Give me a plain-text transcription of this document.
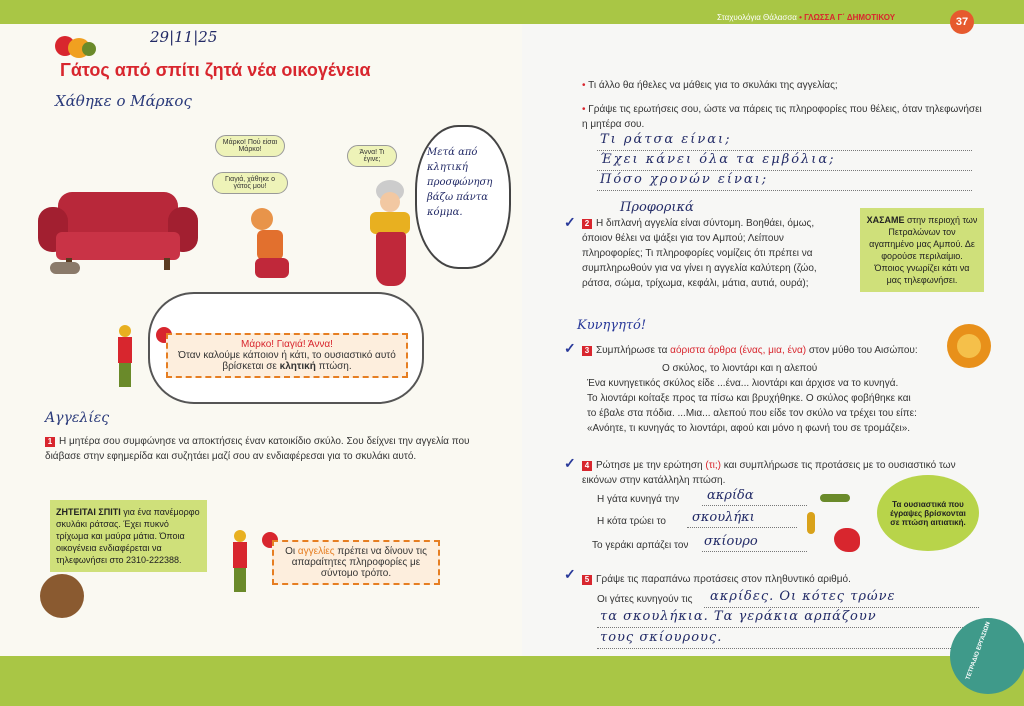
29|11|25
Γάτος από σπίτι ζητά νέα οικογένεια
Χάθηκε ο Μάρκος
Μάρκο! Πού είσαι Μάρκο!
Γιαγιά, χάθηκε ο γάτος μου!
Άννα! Τι έγινε;
Μετά από κλητική προσφώνηση βάζω πάντα κόμμα.
Μάρκο! Γιαγιά! Άννα!
Όταν καλούμε κάποιον ή κάτι, το ουσιαστικό αυτό βρίσκεται σε κλητική πτώση.
Αγγελίες
1 Η μητέρα σου συμφώνησε να αποκτήσεις έναν κατοικίδιο σκύλο. Σου δείχνει την αγγελία που διάβασε στην εφημερίδα και συζητάει μαζί σου αν ενδιαφέρεσαι για το σκυλάκι αυτό.
ΖΗΤΕΙΤΑΙ ΣΠΙΤΙ για ένα πανέμορφο σκυλάκι ράτσας. Έχει πυκνό τρίχωμα και μαύρα μάτια. Όποια οικογένεια ενδιαφέρεται να τηλεφωνήσει στο 2310-222388.
Οι αγγελίες πρέπει να δίνουν τις απαραίτητες πληροφορίες με σύντομο τρόπο.
Σταχυολόγια Θάλασσα • ΓΛΩΣΣΑ Γ΄ ΔΗΜΟΤΙΚΟΥ	37
• Τι άλλο θα ήθελες να μάθεις για το σκυλάκι της αγγελίας;
• Γράψε τις ερωτήσεις σου, ώστε να πάρεις τις πληροφορίες που θέλεις, όταν τηλεφωνήσει η μητέρα σου.
Τι ράτσα είναι;
Έχει κάνει όλα τα εμβόλια;
Πόσο χρονών είναι;
Προφορικά
✓	2 Η διπλανή αγγελία είναι σύντομη. Βοηθάει, όμως, όποιον θέλει να ψάξει για τον Αμπού; Λείπουν πληροφορίες; Τι πληροφορίες νομίζεις ότι πρέπει να συμπληρωθούν για να γίνει η αγγελία καλύτερη (ζώο, ράτσα, σώμα, τρίχωμα, κεφάλι, μάτια, αυτιά, ουρά);
ΧΑΣΑΜΕ στην περιοχή των Πετραλώνων τον αγαπημένο μας Αμπού. Δε φορούσε περιλαίμιο. Όποιος γνωρίζει κάτι να μας τηλεφωνήσει.
Κυνηγητό!
✓	3 Συμπλήρωσε τα αόριστα άρθρα (ένας, μια, ένα) στον μύθο του Αισώπου:
Ο σκύλος, το λιοντάρι και η αλεπού
Ένα κυνηγετικός σκύλος είδε ...ένα... λιοντάρι και άρχισε να το κυνηγά.
Το λιοντάρι κοίταξε προς τα πίσω και βρυχήθηκε. Ο σκύλος φοβήθηκε και
το έβαλε στα πόδια. ...Μια... αλεπού που είδε τον σκύλο να τρέχει του είπε:
«Ανόητε, τι κυνηγάς το λιοντάρι, αφού και μόνο η φωνή του σε τρομάζει».
✓	4 Ρώτησε με την ερώτηση (τι;) και συμπλήρωσε τις προτάσεις με το ουσιαστικό των εικόνων στην κατάλληλη πτώση.
Η γάτα κυνηγά την ακρίδα
Η κότα τρώει το σκουλήκι
Το γεράκι αρπάζει τον σκίουρο
Τα ουσιαστικά που έγραψες βρίσκονται σε πτώση αιτιατική.
✓	5 Γράψε τις παραπάνω προτάσεις στον πληθυντικό αριθμό.
Οι γάτες κυνηγούν τις ακρίδες. Οι κότες τρώνε
τα σκουλήκια. Τα γεράκια αρπάζουν
τους σκίουρους.	ΤΕΤΡΑΔΙΟ ΕΡΓΑΣΙΩΝ
